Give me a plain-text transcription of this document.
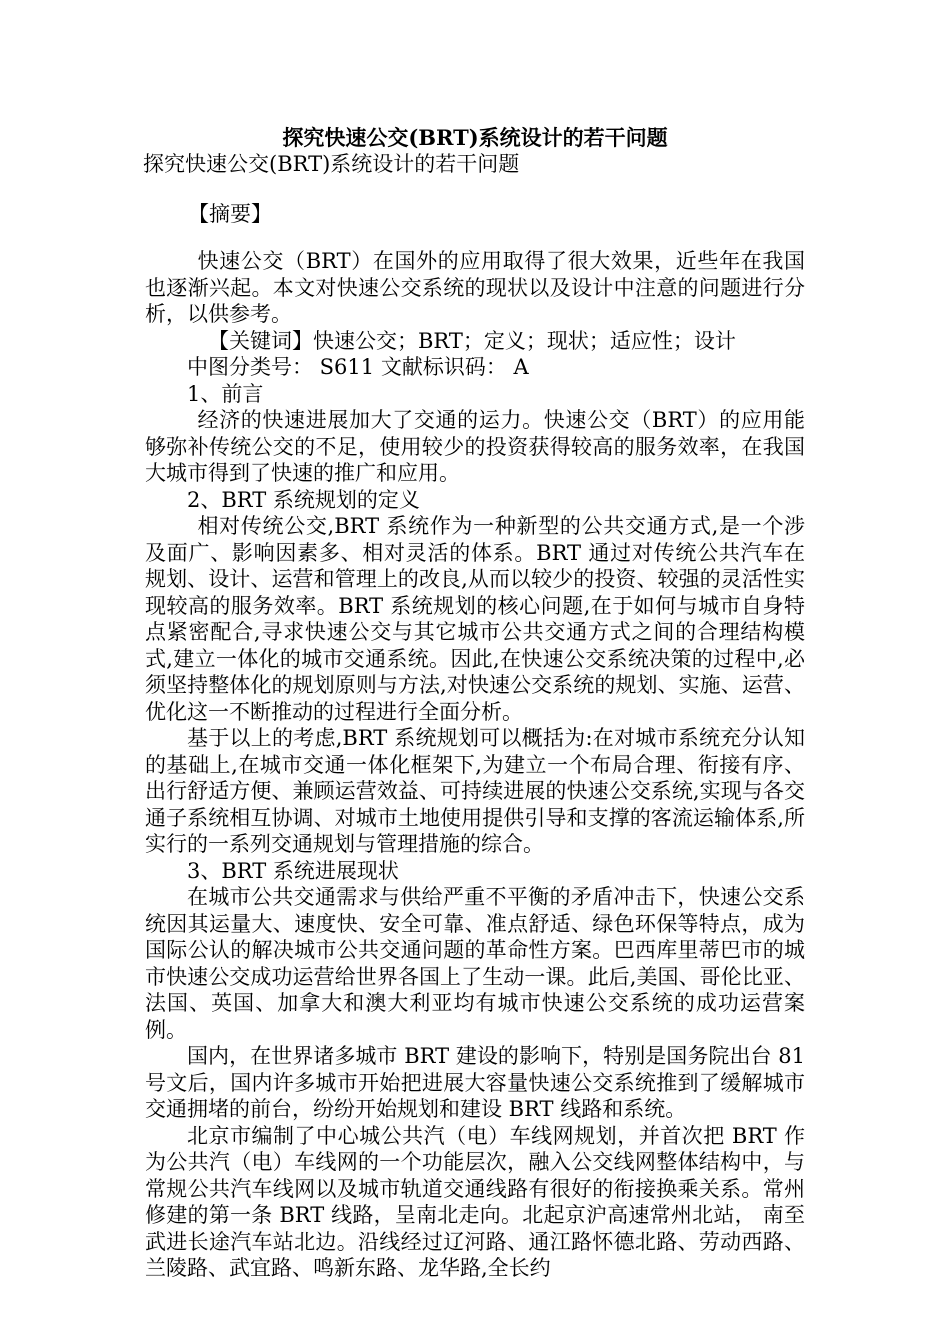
探究快速公交(BRT)系统设计的若干问题
探究快速公交(BRT)系统设计的若干问题
【摘要】

快速公交（BRT）在国外的应用取得了很大效果，近些年在我国也逐渐兴起。本文对快速公交系统的现状以及设计中注意的问题进行分析，以供参考。

【关键词】快速公交；BRT；定义；现状；适应性；设计

中图分类号： S611 文献标识码： A

1、前言

经济的快速进展加大了交通的运力。快速公交（BRT）的应用能够弥补传统公交的不足，使用较少的投资获得较高的服务效率，在我国大城市得到了快速的推广和应用。

2、BRT 系统规划的定义

相对传统公交,BRT 系统作为一种新型的公共交通方式,是一个涉及面广、影响因素多、相对灵活的体系。BRT 通过对传统公共汽车在规划、设计、运营和管理上的改良,从而以较少的投资、较强的灵活性实现较高的服务效率。BRT 系统规划的核心问题,在于如何与城市自身特点紧密配合,寻求快速公交与其它城市公共交通方式之间的合理结构模式,建立一体化的城市交通系统。因此,在快速公交系统决策的过程中,必须坚持整体化的规划原则与方法,对快速公交系统的规划、实施、运营、优化这一不断推动的过程进行全面分析。

基于以上的考虑,BRT 系统规划可以概括为:在对城市系统充分认知的基础上,在城市交通一体化框架下,为建立一个布局合理、衔接有序、出行舒适方便、兼顾运营效益、可持续进展的快速公交系统,实现与各交通子系统相互协调、对城市土地使用提供引导和支撑的客流运输体系,所实行的一系列交通规划与管理措施的综合。

3、BRT 系统进展现状

在城市公共交通需求与供给严重不平衡的矛盾冲击下，快速公交系统因其运量大、速度快、安全可靠、准点舒适、绿色环保等特点，成为国际公认的解决城市公共交通问题的革命性方案。巴西库里蒂巴市的城市快速公交成功运营给世界各国上了生动一课。此后,美国、哥伦比亚、法国、英国、加拿大和澳大利亚均有城市快速公交系统的成功运营案例。

国内，在世界诸多城市 BRT 建设的影响下，特别是国务院出台 81 号文后，国内许多城市开始把进展大容量快速公交系统推到了缓解城市交通拥堵的前台，纷纷开始规划和建设 BRT 线路和系统。

北京市编制了中心城公共汽（电）车线网规划，并首次把 BRT 作为公共汽（电）车线网的一个功能层次，融入公交线网整体结构中，与常规公共汽车线网以及城市轨道交通线路有很好的衔接换乘关系。常州修建的第一条 BRT 线路，呈南北走向。北起京沪高速常州北站， 南至武进长途汽车站北边。沿线经过辽河路、通江路怀德北路、劳动西路、兰陵路、武宜路、鸣新东路、龙华路,全长约
